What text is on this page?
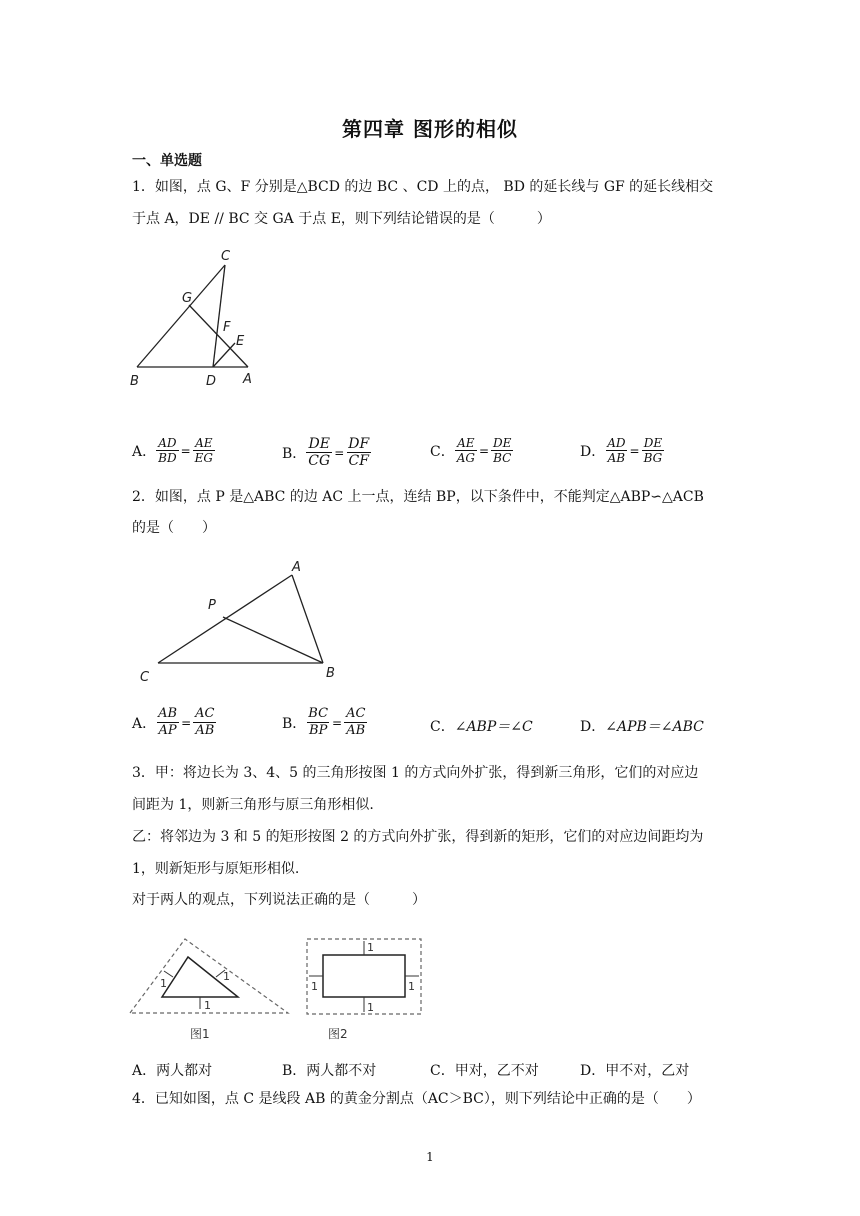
第四章 图形的相似
一、单选题
1．如图，点 G、F 分别是△BCD 的边 BC 、CD 上的点， BD 的延长线与 GF 的延长线相交
于点 A，DE // BC 交 GA 于点 E，则下列结论错误的是（　　　）
C
G
F
E
B	D A
A． $\frac{AD}{BD} = \frac{AE}{EG}$	B． $\frac{DE}{CG} = \frac{DF}{CF}$	C． $\frac{AE}{AG} = \frac{DE}{BC}$	D． $\frac{AD}{AB} = \frac{DE}{BG}$
2．如图，点 P 是△ABC 的边 AC 上一点，连结 BP，以下条件中，不能判定△ABP∽△ACB
的是（　　）
A
P
C	B
A． $\frac{AB}{AP} = \frac{AC}{AB}$	B． $\frac{BC}{BP} = \frac{AC}{AB}$	C． ∠ABP＝∠C	D． ∠APB＝∠ABC
3．甲：将边长为 3、4、5 的三角形按图 1 的方式向外扩张，得到新三角形，它们的对应边
间距为 1，则新三角形与原三角形相似.
乙：将邻边为 3 和 5 的矩形按图 2 的方式向外扩张，得到新的矩形，它们的对应边间距均为
1，则新矩形与原矩形相似.
对于两人的观点，下列说法正确的是（　　　）
1
1
1
图1
1
1
1	1
图2
A． 两人都对	B． 两人都不对	C． 甲对，乙不对	D． 甲不对，乙对
4．已知如图，点 C 是线段 AB 的黄金分割点（AC＞BC），则下列结论中正确的是（　　）
1
